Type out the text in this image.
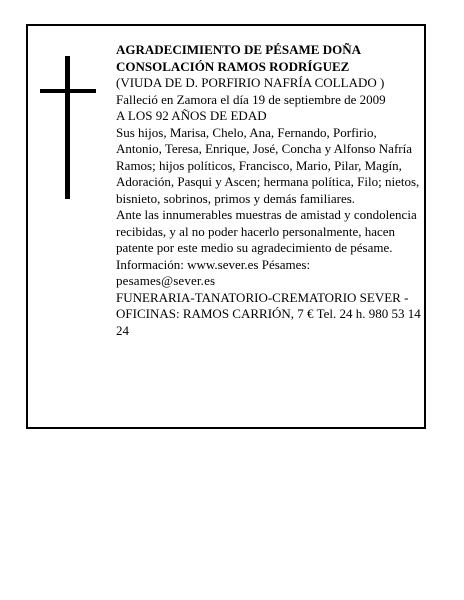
AGRADECIMIENTO DE PÉSAME DOÑA

CONSOLACIÓN RAMOS RODRÍGUEZ

(VIUDA DE D. PORFIRIO NAFRÍA COLLADO )

Falleció en Zamora el día 19 de septiembre de 2009

A LOS 92 AÑOS DE EDAD

Sus hijos, Marisa, Chelo, Ana, Fernando, Porfirio, Antonio, Teresa, Enrique, José, Concha y Alfonso Nafría Ramos; hijos políticos, Francisco, Mario, Pilar, Magín, Adoración, Pasqui y Ascen; hermana política, Filo; nietos, bisnieto, sobrinos, primos y demás familiares.

Ante las innumerables muestras de amistad y condolencia recibidas, y al no poder hacerlo personalmente, hacen patente por este medio su agradecimiento de pésame.

Información: www.sever.es Pésames:

pesames@sever.es

FUNERARIA-TANATORIO-CREMATORIO SEVER - OFICINAS: RAMOS CARRIÓN, 7 € Tel. 24 h. 980 53 14 24
